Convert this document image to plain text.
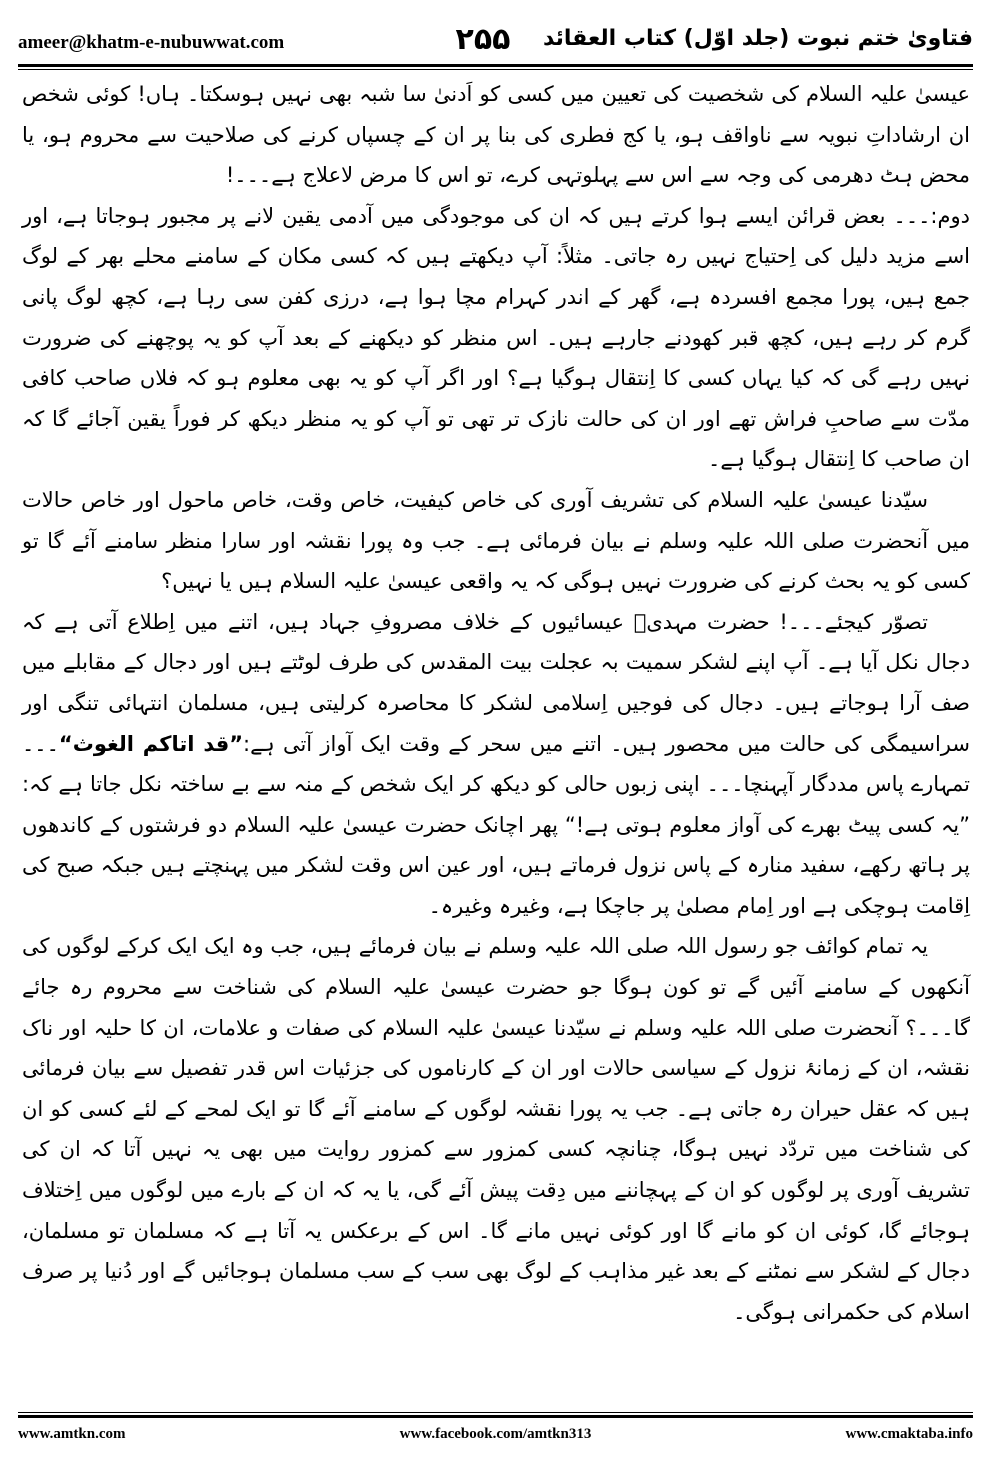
ameer@khatm-e-nubuwwat.com	۲۵۵	فتاویٰ ختم نبوت (جلد اوّل) کتاب العقائد

عیسیٰ علیہ السلام کی شخصیت کی تعیین میں کسی کو اَدنیٰ سا شبہ بھی نہیں ہوسکتا۔ ہاں! کوئی شخص ان ارشاداتِ نبویہ سے ناواقف ہو، یا کج فطری کی بنا پر ان کے چسپاں کرنے کی صلاحیت سے محروم ہو، یا محض ہٹ دھرمی کی وجہ سے اس سے پہلوتہی کرے، تو اس کا مرض لاعلاج ہے۔۔۔!

دوم:۔۔۔ بعض قرائن ایسے ہوا کرتے ہیں کہ ان کی موجودگی میں آدمی یقین لانے پر مجبور ہوجاتا ہے، اور اسے مزید دلیل کی اِحتیاج نہیں رہ جاتی۔ مثلاً: آپ دیکھتے ہیں کہ کسی مکان کے سامنے محلے بھر کے لوگ جمع ہیں، پورا مجمع افسردہ ہے، گھر کے اندر کہرام مچا ہوا ہے، درزی کفن سی رہا ہے، کچھ لوگ پانی گرم کر رہے ہیں، کچھ قبر کھودنے جارہے ہیں۔ اس منظر کو دیکھنے کے بعد آپ کو یہ پوچھنے کی ضرورت نہیں رہے گی کہ کیا یہاں کسی کا اِنتقال ہوگیا ہے؟ اور اگر آپ کو یہ بھی معلوم ہو کہ فلاں صاحب کافی مدّت سے صاحبِ فراش تھے اور ان کی حالت نازک تر تھی تو آپ کو یہ منظر دیکھ کر فوراً یقین آجائے گا کہ ان صاحب کا اِنتقال ہوگیا ہے۔

سیّدنا عیسیٰ علیہ السلام کی تشریف آوری کی خاص کیفیت، خاص وقت، خاص ماحول اور خاص حالات میں آنحضرت صلی اللہ علیہ وسلم نے بیان فرمائی ہے۔ جب وہ پورا نقشہ اور سارا منظر سامنے آئے گا تو کسی کو یہ بحث کرنے کی ضرورت نہیں ہوگی کہ یہ واقعی عیسیٰ علیہ السلام ہیں یا نہیں؟

تصوّر کیجئے۔۔۔! حضرت مہدیؓ عیسائیوں کے خلاف مصروفِ جہاد ہیں، اتنے میں اِطلاع آتی ہے کہ دجال نکل آیا ہے۔ آپ اپنے لشکر سمیت بہ عجلت بیت المقدس کی طرف لوٹتے ہیں اور دجال کے مقابلے میں صف آرا ہوجاتے ہیں۔ دجال کی فوجیں اِسلامی لشکر کا محاصرہ کرلیتی ہیں، مسلمان انتہائی تنگی اور سراسیمگی کی حالت میں محصور ہیں۔ اتنے میں سحر کے وقت ایک آواز آتی ہے:”قد اتاکم الغوث“۔۔۔ تمہارے پاس مددگار آپہنچا۔۔۔ اپنی زبوں حالی کو دیکھ کر ایک شخص کے منہ سے بے ساختہ نکل جاتا ہے کہ: ”یہ کسی پیٹ بھرے کی آواز معلوم ہوتی ہے!“ پھر اچانک حضرت عیسیٰ علیہ السلام دو فرشتوں کے کاندھوں پر ہاتھ رکھے، سفید منارہ کے پاس نزول فرماتے ہیں، اور عین اس وقت لشکر میں پہنچتے ہیں جبکہ صبح کی اِقامت ہوچکی ہے اور اِمام مصلیٰ پر جاچکا ہے، وغیرہ وغیرہ۔

یہ تمام کوائف جو رسول اللہ صلی اللہ علیہ وسلم نے بیان فرمائے ہیں، جب وہ ایک ایک کرکے لوگوں کی آنکھوں کے سامنے آئیں گے تو کون ہوگا جو حضرت عیسیٰ علیہ السلام کی شناخت سے محروم رہ جائے گا۔۔۔؟ آنحضرت صلی اللہ علیہ وسلم نے سیّدنا عیسیٰ علیہ السلام کی صفات و علامات، ان کا حلیہ اور ناک نقشہ، ان کے زمانۂ نزول کے سیاسی حالات اور ان کے کارناموں کی جزئیات اس قدر تفصیل سے بیان فرمائی ہیں کہ عقل حیران رہ جاتی ہے۔ جب یہ پورا نقشہ لوگوں کے سامنے آئے گا تو ایک لمحے کے لئے کسی کو ان کی شناخت میں تردّد نہیں ہوگا، چنانچہ کسی کمزور سے کمزور روایت میں بھی یہ نہیں آتا کہ ان کی تشریف آوری پر لوگوں کو ان کے پہچاننے میں دِقت پیش آئے گی، یا یہ کہ ان کے بارے میں لوگوں میں اِختلاف ہوجائے گا، کوئی ان کو مانے گا اور کوئی نہیں مانے گا۔ اس کے برعکس یہ آتا ہے کہ مسلمان تو مسلمان، دجال کے لشکر سے نمٹنے کے بعد غیر مذاہب کے لوگ بھی سب کے سب مسلمان ہوجائیں گے اور دُنیا پر صرف اسلام کی حکمرانی ہوگی۔

www.amtkn.com	www.facebook.com/amtkn313	www.cmaktaba.info
